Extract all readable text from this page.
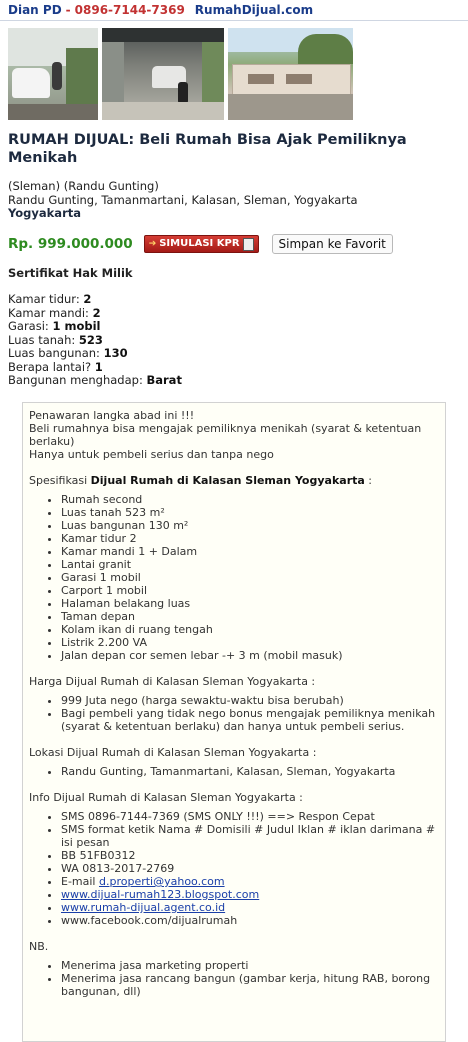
Dian PD - 0896-7144-7369 RumahDijual.com
RUMAH DIJUAL: Beli Rumah Bisa Ajak Pemiliknya Menikah
(Sleman) (Randu Gunting)
Randu Gunting, Tamanmartani, Kalasan, Sleman, Yogyakarta
Yogyakarta
Rp. 999.000.000 ➔ SIMULASI KPR	Simpan ke Favorit
Sertifikat Hak Milik
Kamar tidur: 2
Kamar mandi: 2
Garasi: 1 mobil
Luas tanah: 523
Luas bangunan: 130
Berapa lantai? 1
Bangunan menghadap: Barat

Penawaran langka abad ini !!!

Beli rumahnya bisa mengajak pemiliknya menikah (syarat & ketentuan berlaku)

Hanya untuk pembeli serius dan tanpa nego

Spesifikasi Dijual Rumah di Kalasan Sleman Yogyakarta :

• Rumah second
• Luas tanah 523 m²
• Luas bangunan 130 m²
• Kamar tidur 2
• Kamar mandi 1 + Dalam
• Lantai granit
• Garasi 1 mobil
• Carport 1 mobil
• Halaman belakang luas
• Taman depan
• Kolam ikan di ruang tengah
• Listrik 2.200 VA
• Jalan depan cor semen lebar -+ 3 m (mobil masuk)

Harga Dijual Rumah di Kalasan Sleman Yogyakarta :

• 999 Juta nego (harga sewaktu-waktu bisa berubah)
• Bagi pembeli yang tidak nego bonus mengajak pemiliknya menikah (syarat & ketentuan berlaku) dan hanya untuk pembeli serius.

Lokasi Dijual Rumah di Kalasan Sleman Yogyakarta :

• Randu Gunting, Tamanmartani, Kalasan, Sleman, Yogyakarta

Info Dijual Rumah di Kalasan Sleman Yogyakarta :

• SMS 0896-7144-7369 (SMS ONLY !!!) ==> Respon Cepat
• SMS format ketik Nama # Domisili # Judul Iklan # iklan darimana # isi pesan
• BB 51FB0312
• WA 0813-2017-2769
• E-mail d.properti@yahoo.com
• www.dijual-rumah123.blogspot.com
• www.rumah-dijual.agent.co.id
• www.facebook.com/dijualrumah

NB.

• Menerima jasa marketing properti
• Menerima jasa rancang bangun (gambar kerja, hitung RAB, borong bangunan, dll)
